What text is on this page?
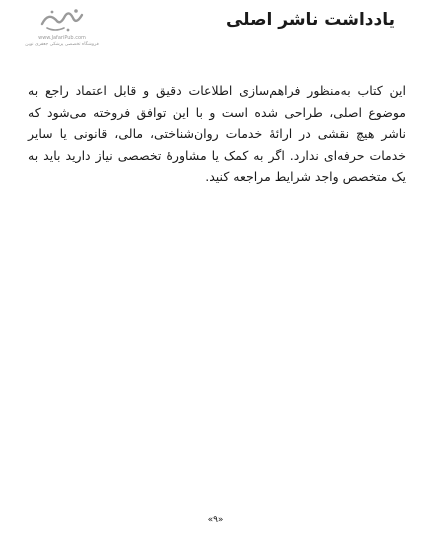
یادداشت ناشر اصلی
www.JafariPub.com
فروشگاه تخصصی پزشکی جعفری نوین

این کتاب به‌منظور فراهم‌سازی اطلاعات دقیق و قابل اعتماد راجع به موضوع اصلی، طراحی شده است و با این توافق فروخته می‌شود که ناشر هیچ نقشی در ارائۀ خدمات روان‌شناختی، مالی، قانونی یا سایر خدمات حرفه‌ای ندارد. اگر به کمک یا مشاورۀ تخصصی نیاز دارید باید به یک متخصص واجد شرایط مراجعه کنید.

«۹»
